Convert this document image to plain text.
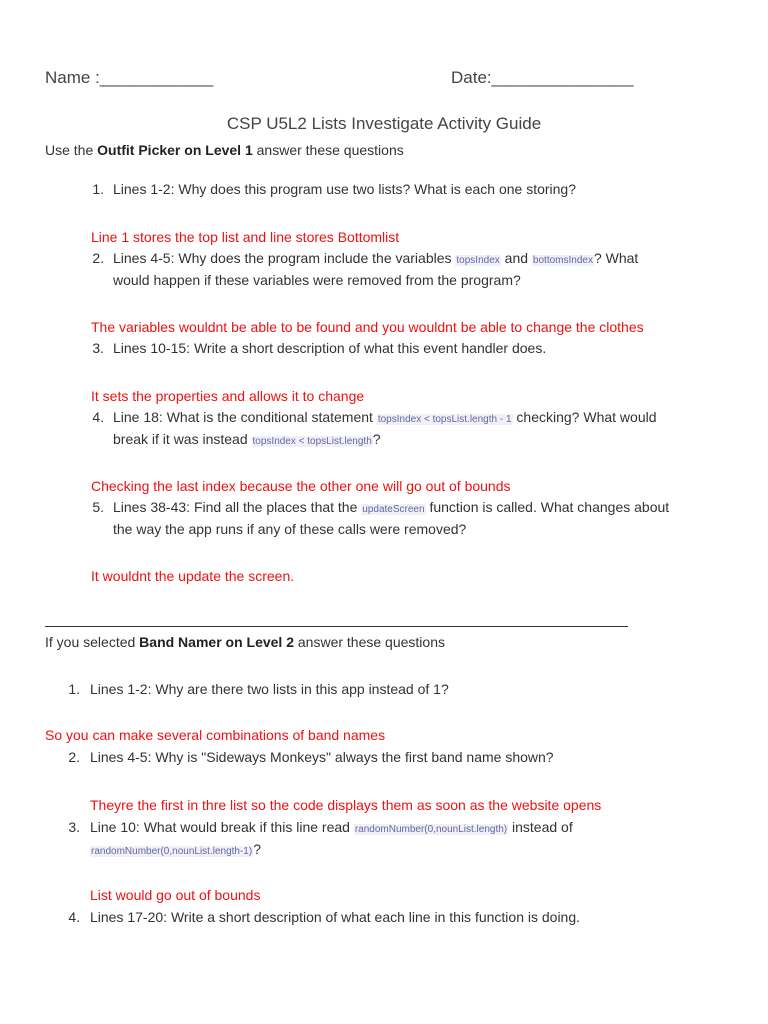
Name :____________	Date:_______________
CSP U5L2 Lists Investigate Activity Guide
Use the Outfit Picker on Level 1 answer these questions
1. Lines 1-2: Why does this program use two lists? What is each one storing?
Line 1 stores the top list and line stores Bottomlist
2. Lines 4-5: Why does the program include the variables topsIndex and bottomsIndex? What
would happen if these variables were removed from the program?
The variables wouldnt be able to be found and you wouldnt be able to change the clothes
3. Lines 10-15: Write a short description of what this event handler does.
It sets the properties and allows it to change
4. Line 18: What is the conditional statement topsIndex < topsList.length - 1 checking? What would
break if it was instead topsIndex < topsList.length?
Checking the last index because the other one will go out of bounds
5. Lines 38-43: Find all the places that the updateScreen function is called. What changes about
the way the app runs if any of these calls were removed?
It wouldnt the update the screen.
If you selected Band Namer on Level 2 answer these questions
1. Lines 1-2: Why are there two lists in this app instead of 1?
So you can make several combinations of band names
2. Lines 4-5: Why is "Sideways Monkeys" always the first band name shown?
Theyre the first in thre list so the code displays them as soon as the website opens
3. Line 10: What would break if this line read randomNumber(0,nounList.length) instead of
randomNumber(0,nounList.length-1)?
List would go out of bounds
4. Lines 17-20: Write a short description of what each line in this function is doing.
